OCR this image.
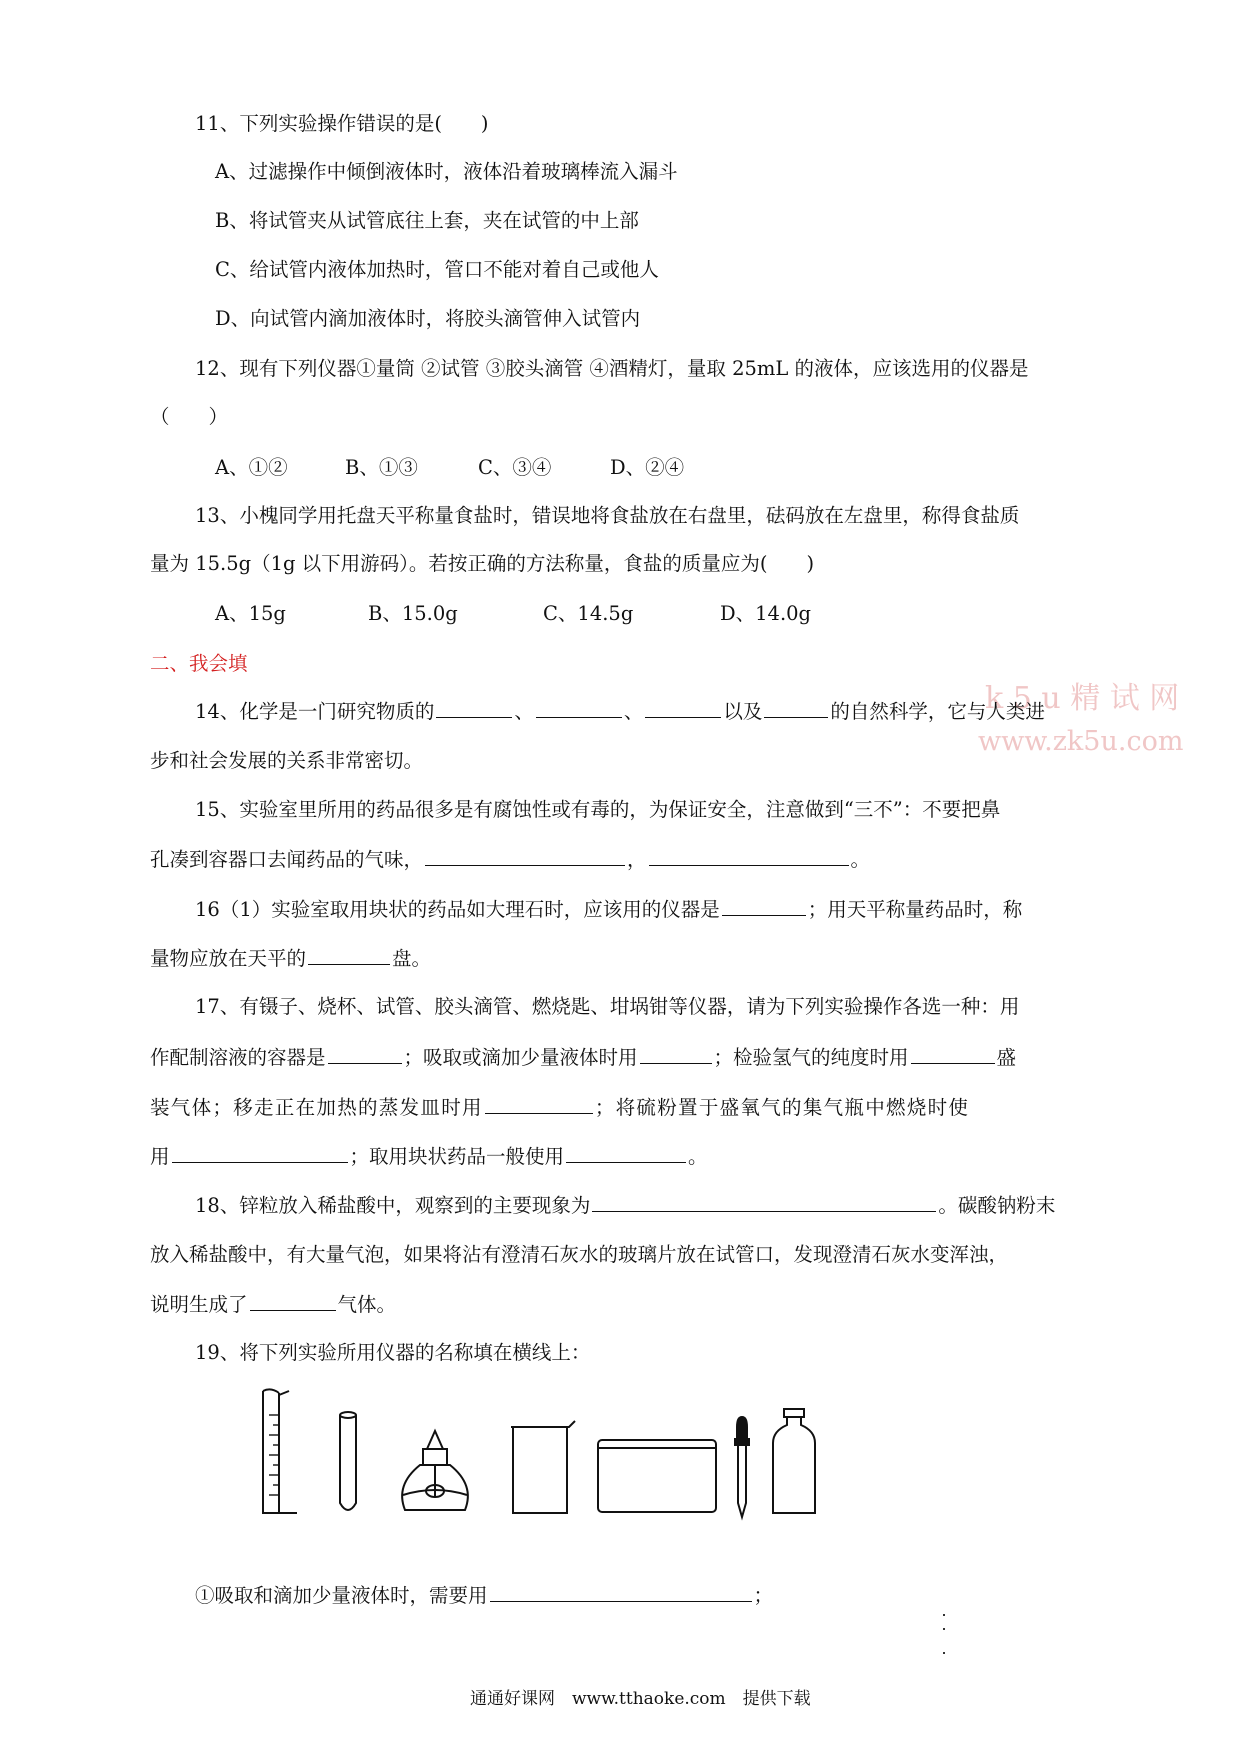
11、下列实验操作错误的是(　　)
A、过滤操作中倾倒液体时，液体沿着玻璃棒流入漏斗
B、将试管夹从试管底往上套，夹在试管的中上部
C、给试管内液体加热时，管口不能对着自己或他人
D、向试管内滴加液体时，将胶头滴管伸入试管内
12、现有下列仪器①量筒 ②试管 ③胶头滴管 ④酒精灯，量取 25mL 的液体，应该选用的仪器是
（　　）
A、①②	B、①③	C、③④	D、②④
13、小槐同学用托盘天平称量食盐时，错误地将食盐放在右盘里，砝码放在左盘里，称得食盐质
量为 15.5g（1g 以下用游码）。若按正确的方法称量，食盐的质量应为(　　)
A、15g	B、15.0g	C、14.5g	D、14.0g
二、我会填
k 5 u 精 试 网
www.zk5u.com
14、化学是一门研究物质的	、	、	以及	的自然科学，它与人类进
步和社会发展的关系非常密切。
15、实验室里所用的药品很多是有腐蚀性或有毒的，为保证安全，注意做到“三不”：不要把鼻
孔凑到容器口去闻药品的气味，	，	。
16（1）实验室取用块状的药品如大理石时，应该用的仪器是	；用天平称量药品时，称
量物应放在天平的	盘。
17、有镊子、烧杯、试管、胶头滴管、燃烧匙、坩埚钳等仪器，请为下列实验操作各选一种：用
作配制溶液的容器是	；吸取或滴加少量液体时用	；检验氢气的纯度时用	盛
装气体；移走正在加热的蒸发皿时用	；将硫粉置于盛氧气的集气瓶中燃烧时使
用	；取用块状药品一般使用	。
18、锌粒放入稀盐酸中，观察到的主要现象为	。碳酸钠粉末
放入稀盐酸中，有大量气泡，如果将沾有澄清石灰水的玻璃片放在试管口，发现澄清石灰水变浑浊，
说明生成了	气体。
19、将下列实验所用仪器的名称填在横线上：
①吸取和滴加少量液体时，需要用	；
通通好课网　www.tthaoke.com　提供下载
